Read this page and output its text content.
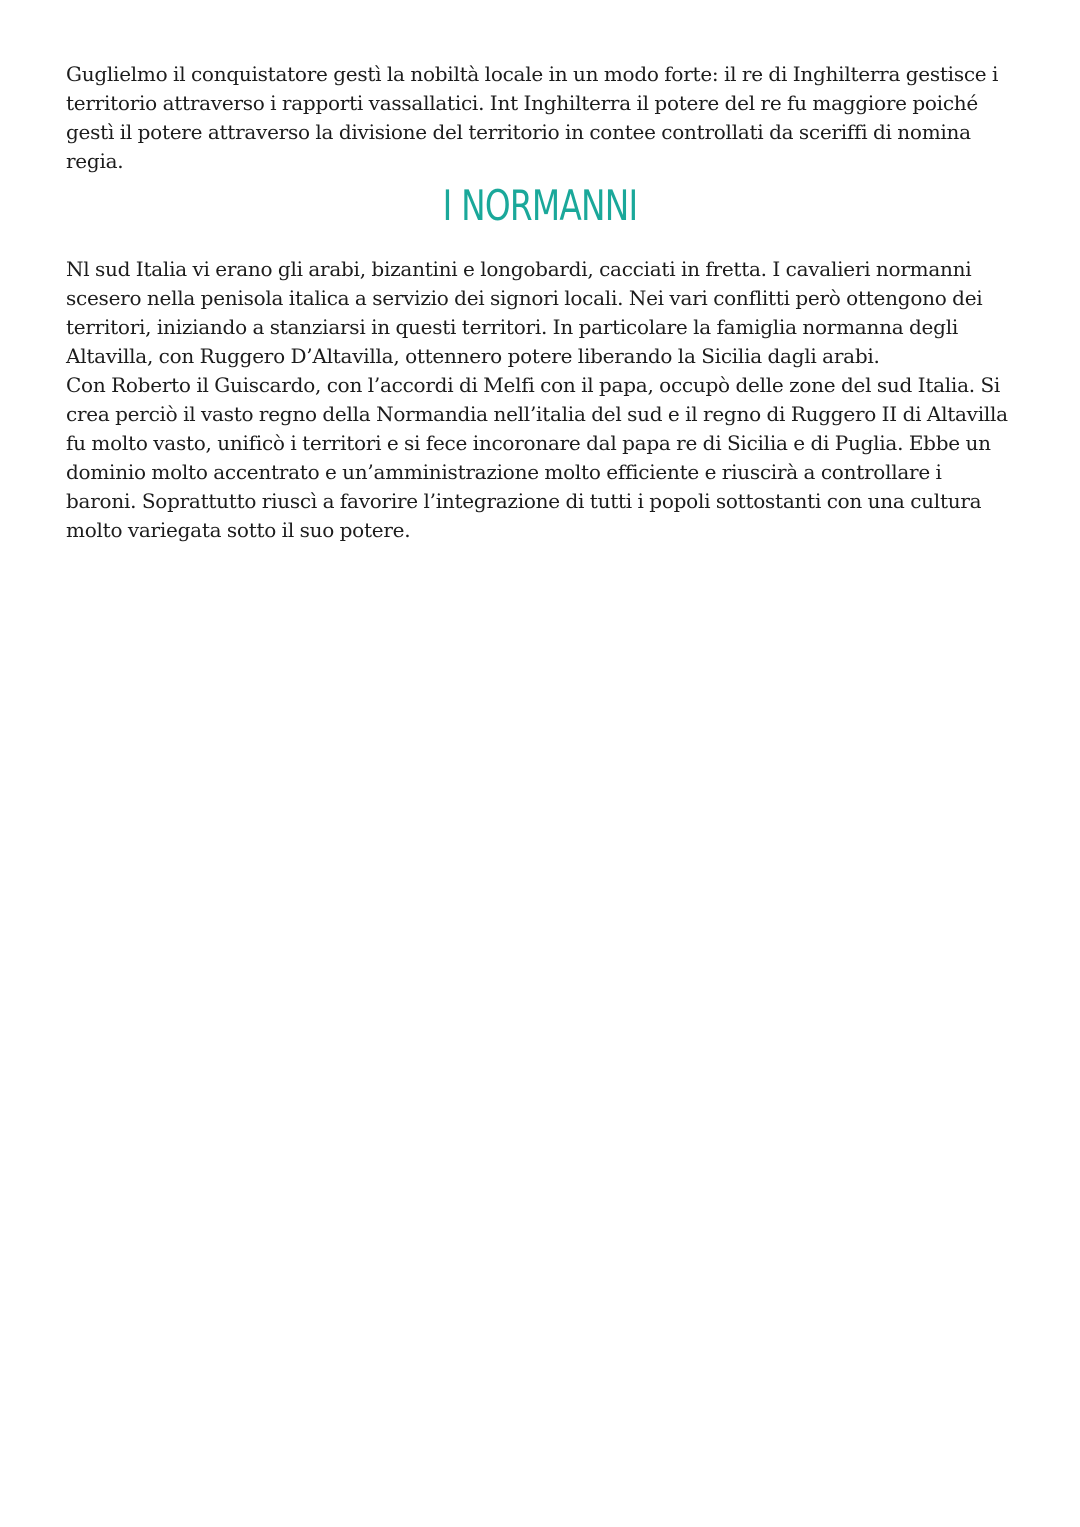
Guglielmo il conquistatore gestì la nobiltà locale in un modo forte: il re di Inghilterra gestisce i
territorio attraverso i rapporti vassallatici. Int Inghilterra il potere del re fu maggiore poiché
gestì il potere attraverso la divisione del territorio in contee controllati da sceriffi di nomina
regia.

I NORMANNI

Nl sud Italia vi erano gli arabi, bizantini e longobardi, cacciati in fretta. I cavalieri normanni
scesero nella penisola italica a servizio dei signori locali. Nei vari conflitti però ottengono dei
territori, iniziando a stanziarsi in questi territori. In particolare la famiglia normanna degli
Altavilla, con Ruggero D’Altavilla, ottennero potere liberando la Sicilia dagli arabi.
Con Roberto il Guiscardo, con l’accordi di Melfi con il papa, occupò delle zone del sud Italia. Si
crea perciò il vasto regno della Normandia nell’italia del sud e il regno di Ruggero II di Altavilla
fu molto vasto, unificò i territori e si fece incoronare dal papa re di Sicilia e di Puglia. Ebbe un
dominio molto accentrato e un’amministrazione molto efficiente e riuscirà a controllare i
baroni. Soprattutto riuscì a favorire l’integrazione di tutti i popoli sottostanti con una cultura
molto variegata sotto il suo potere.
